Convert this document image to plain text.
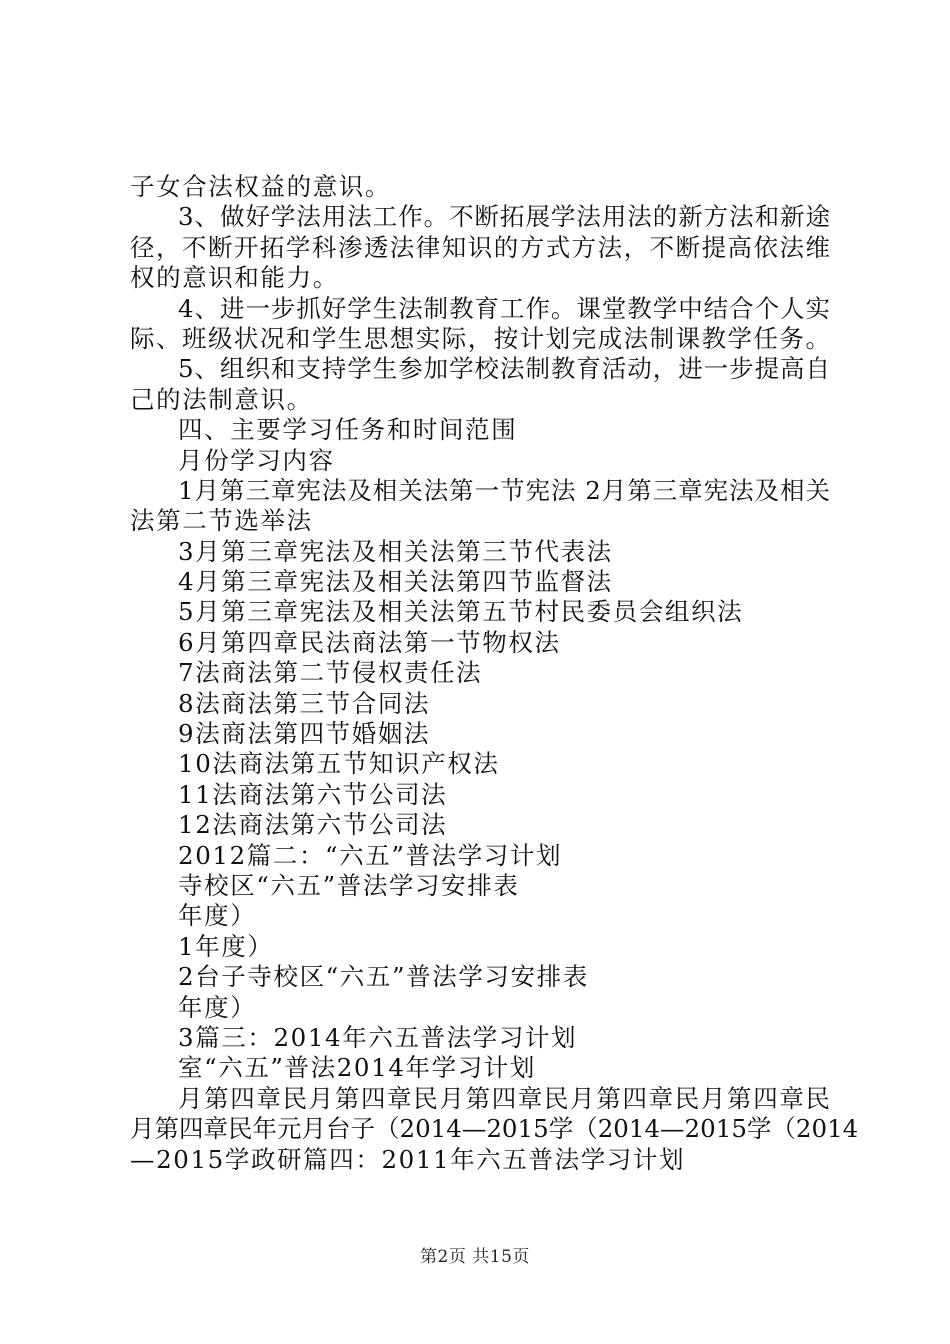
子女合法权益的意识。
3、做好学法用法工作。不断拓展学法用法的新方法和新途
径，不断开拓学科渗透法律知识的方式方法，不断提高依法维
权的意识和能力。
4、进一步抓好学生法制教育工作。课堂教学中结合个人实
际、班级状况和学生思想实际，按计划完成法制课教学任务。
5、组织和支持学生参加学校法制教育活动，进一步提高自
己的法制意识。
四、主要学习任务和时间范围
月份学习内容
1月第三章宪法及相关法第一节宪法 2月第三章宪法及相关
法第二节选举法
3月第三章宪法及相关法第三节代表法
4月第三章宪法及相关法第四节监督法
5月第三章宪法及相关法第五节村民委员会组织法
6月第四章民法商法第一节物权法
7法商法第二节侵权责任法
8法商法第三节合同法
9法商法第四节婚姻法
10法商法第五节知识产权法
11法商法第六节公司法
12法商法第六节公司法
2012篇二：“六五”普法学习计划
寺校区“六五”普法学习安排表
年度）
1年度）
2台子寺校区“六五”普法学习安排表
年度）
3篇三：2014年六五普法学习计划
室“六五”普法2014年学习计划
月第四章民月第四章民月第四章民月第四章民月第四章民
月第四章民年元月台子（2014—2015学（2014—2015学（2014
—2015学政研篇四：2011年六五普法学习计划
第2页 共15页
